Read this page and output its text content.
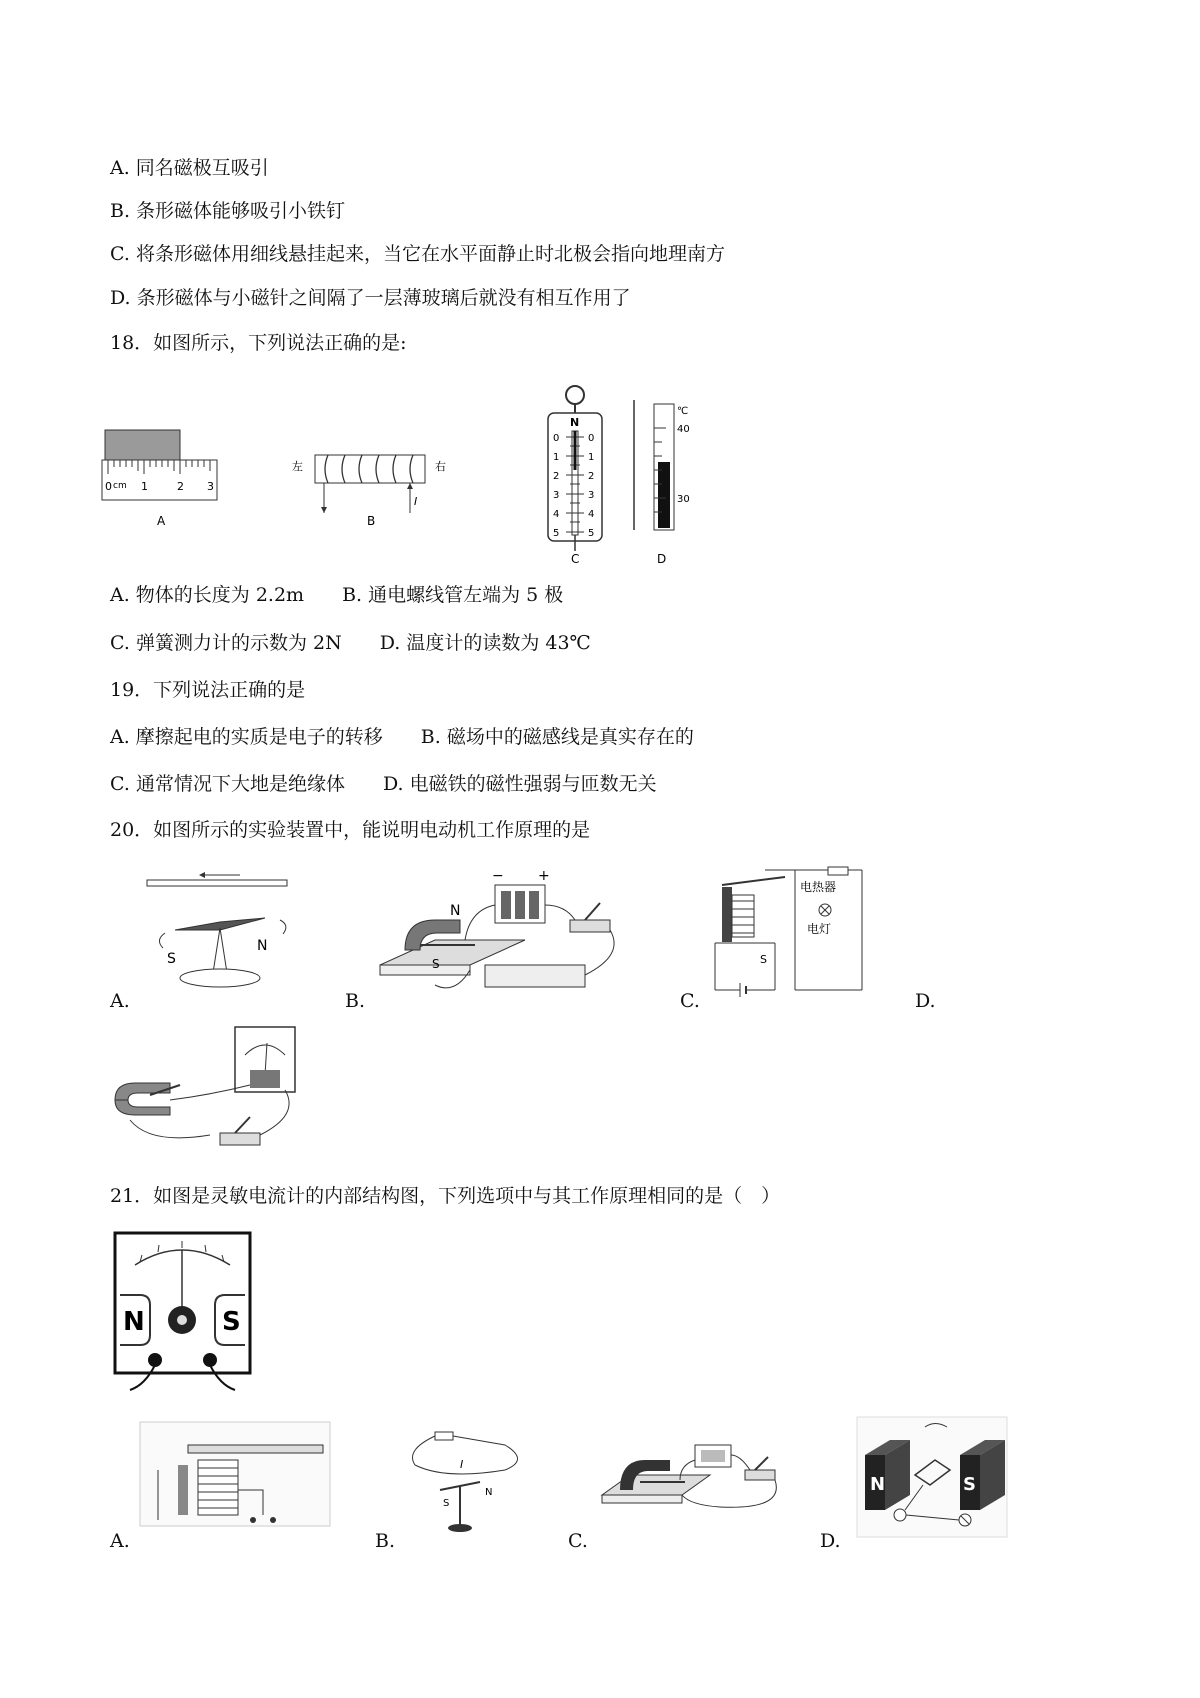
A. 同名磁极互吸引
B. 条形磁体能够吸引小铁钉
C. 将条形磁体用细线悬挂起来，当它在水平面静止时北极会指向地理南方
D. 条形磁体与小磁针之间隔了一层薄玻璃后就没有相互作用了
18．如图所示，下列说法正确的是:
0 cm 1	2 3
A
左	右
I
B
N
0
1
2
3
4
5
0
1
2
3
4
5
C
℃
40
30
D
A. 物体的长度为 2.2m　　B. 通电螺线管左端为 5 极
C. 弹簧测力计的示数为 2N　　D. 温度计的读数为 43℃
19．下列说法正确的是
A. 摩擦起电的实质是电子的转移　　B. 磁场中的磁感线是真实存在的
C. 通常情况下大地是绝缘体　　D. 电磁铁的磁性强弱与匝数无关
20．如图所示的实验装置中，能说明电动机工作原理的是
S
N
A.
N
S
− +
B.
电热器
电灯
S
C.	D.
21．如图是灵敏电流计的内部结构图，下列选项中与其工作原理相同的是（　）
N	S
A.
I
S
N
B.	C.
N	S
D.
